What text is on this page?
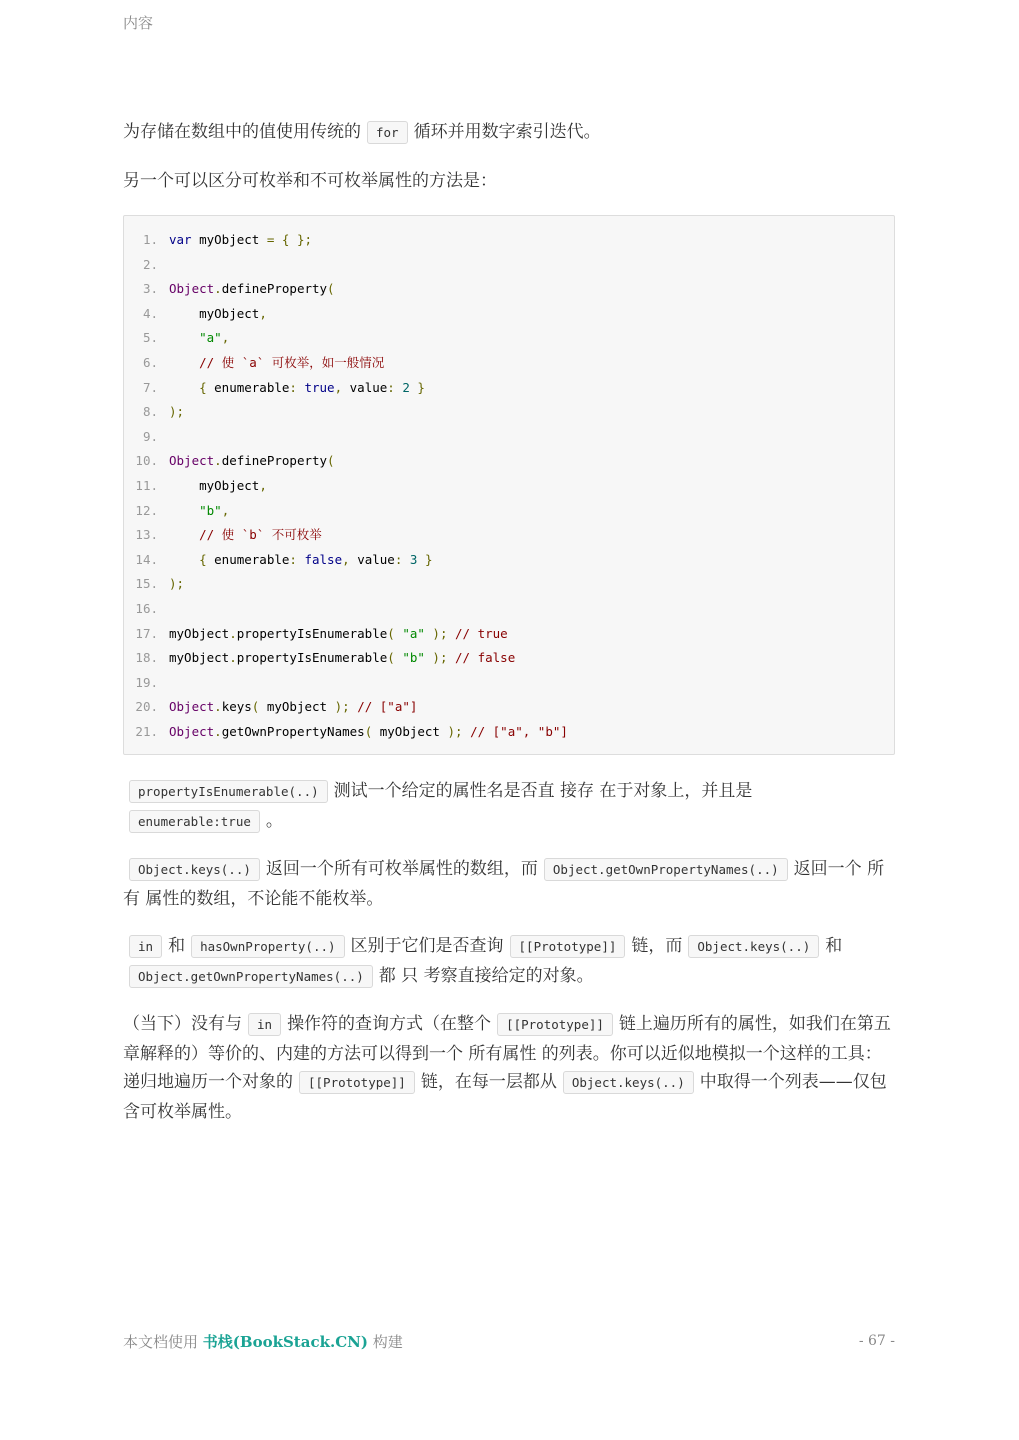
内容

为存储在数组中的值使用传统的 for 循环并用数字索引迭代。

另一个可以区分可枚举和不可枚举属性的方法是：

1. var myObject = { };
2.
3. Object.defineProperty(
4.    myObject,
5.    "a",
6.    // 使 `a` 可枚举，如一般情况
7.    { enumerable: true, value: 2 }
8. );
9.
10. Object.defineProperty(
11.    myObject,
12.    "b",
13.    // 使 `b` 不可枚举
14.    { enumerable: false, value: 3 }
15. );
16.
17. myObject.propertyIsEnumerable( "a" ); // true
18. myObject.propertyIsEnumerable( "b" ); // false
19.
20. Object.keys( myObject ); // ["a"]
21. Object.getOwnPropertyNames( myObject ); // ["a", "b"]

propertyIsEnumerable(..) 测试一个给定的属性名是否直 接存 在于对象上，并且是enumerable:true 。

Object.keys(..) 返回一个所有可枚举属性的数组，而 Object.getOwnPropertyNames(..) 返回一个 所有 属性的数组，不论能不能枚举。

in 和 hasOwnProperty(..) 区别于它们是否查询 [[Prototype]] 链，而 Object.keys(..) 和Object.getOwnPropertyNames(..) 都 只 考察直接给定的对象。

（当下）没有与 in 操作符的查询方式（在整个 [[Prototype]] 链上遍历所有的属性，如我们在第五章解释的）等价的、内建的方法可以得到一个 所有属性 的列表。你可以近似地模拟一个这样的工具：递归地遍历一个对象的 [[Prototype]] 链，在每一层都从 Object.keys(..) 中取得一个列表——仅包含可枚举属性。

本文档使用 书栈(BookStack.CN) 构建	- 67 -
